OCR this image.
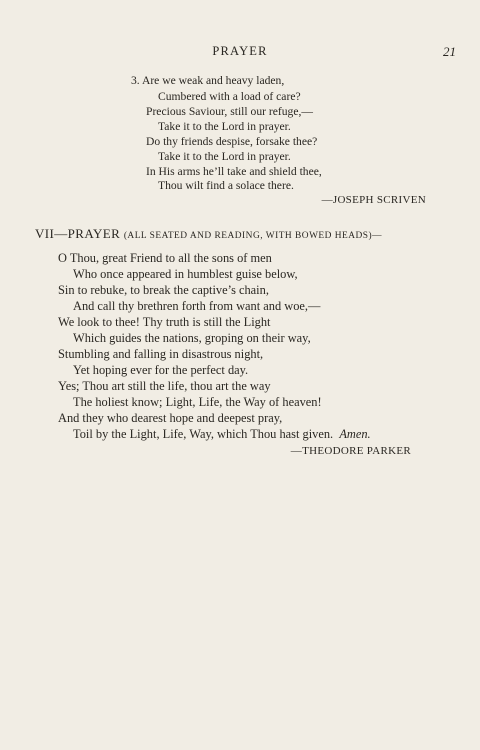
PRAYER	21
3. Are we weak and heavy laden,
Cumbered with a load of care?
Precious Saviour, still our refuge,—
Take it to the Lord in prayer.
Do thy friends despise, forsake thee?
Take it to the Lord in prayer.
In His arms he’ll take and shield thee,
Thou wilt find a solace there.
—JOSEPH SCRIVEN
VII—PRAYER (ALL SEATED AND READING, WITH BOWED HEADS)—
O Thou, great Friend to all the sons of men
Who once appeared in humblest guise below,
Sin to rebuke, to break the captive’s chain,
And call thy brethren forth from want and woe,—
We look to thee! Thy truth is still the Light
Which guides the nations, groping on their way,
Stumbling and falling in disastrous night,
Yet hoping ever for the perfect day.
Yes; Thou art still the life, thou art the way
The holiest know; Light, Life, the Way of heaven!
And they who dearest hope and deepest pray,
Toil by the Light, Life, Way, which Thou hast given. Amen.
—THEODORE PARKER
